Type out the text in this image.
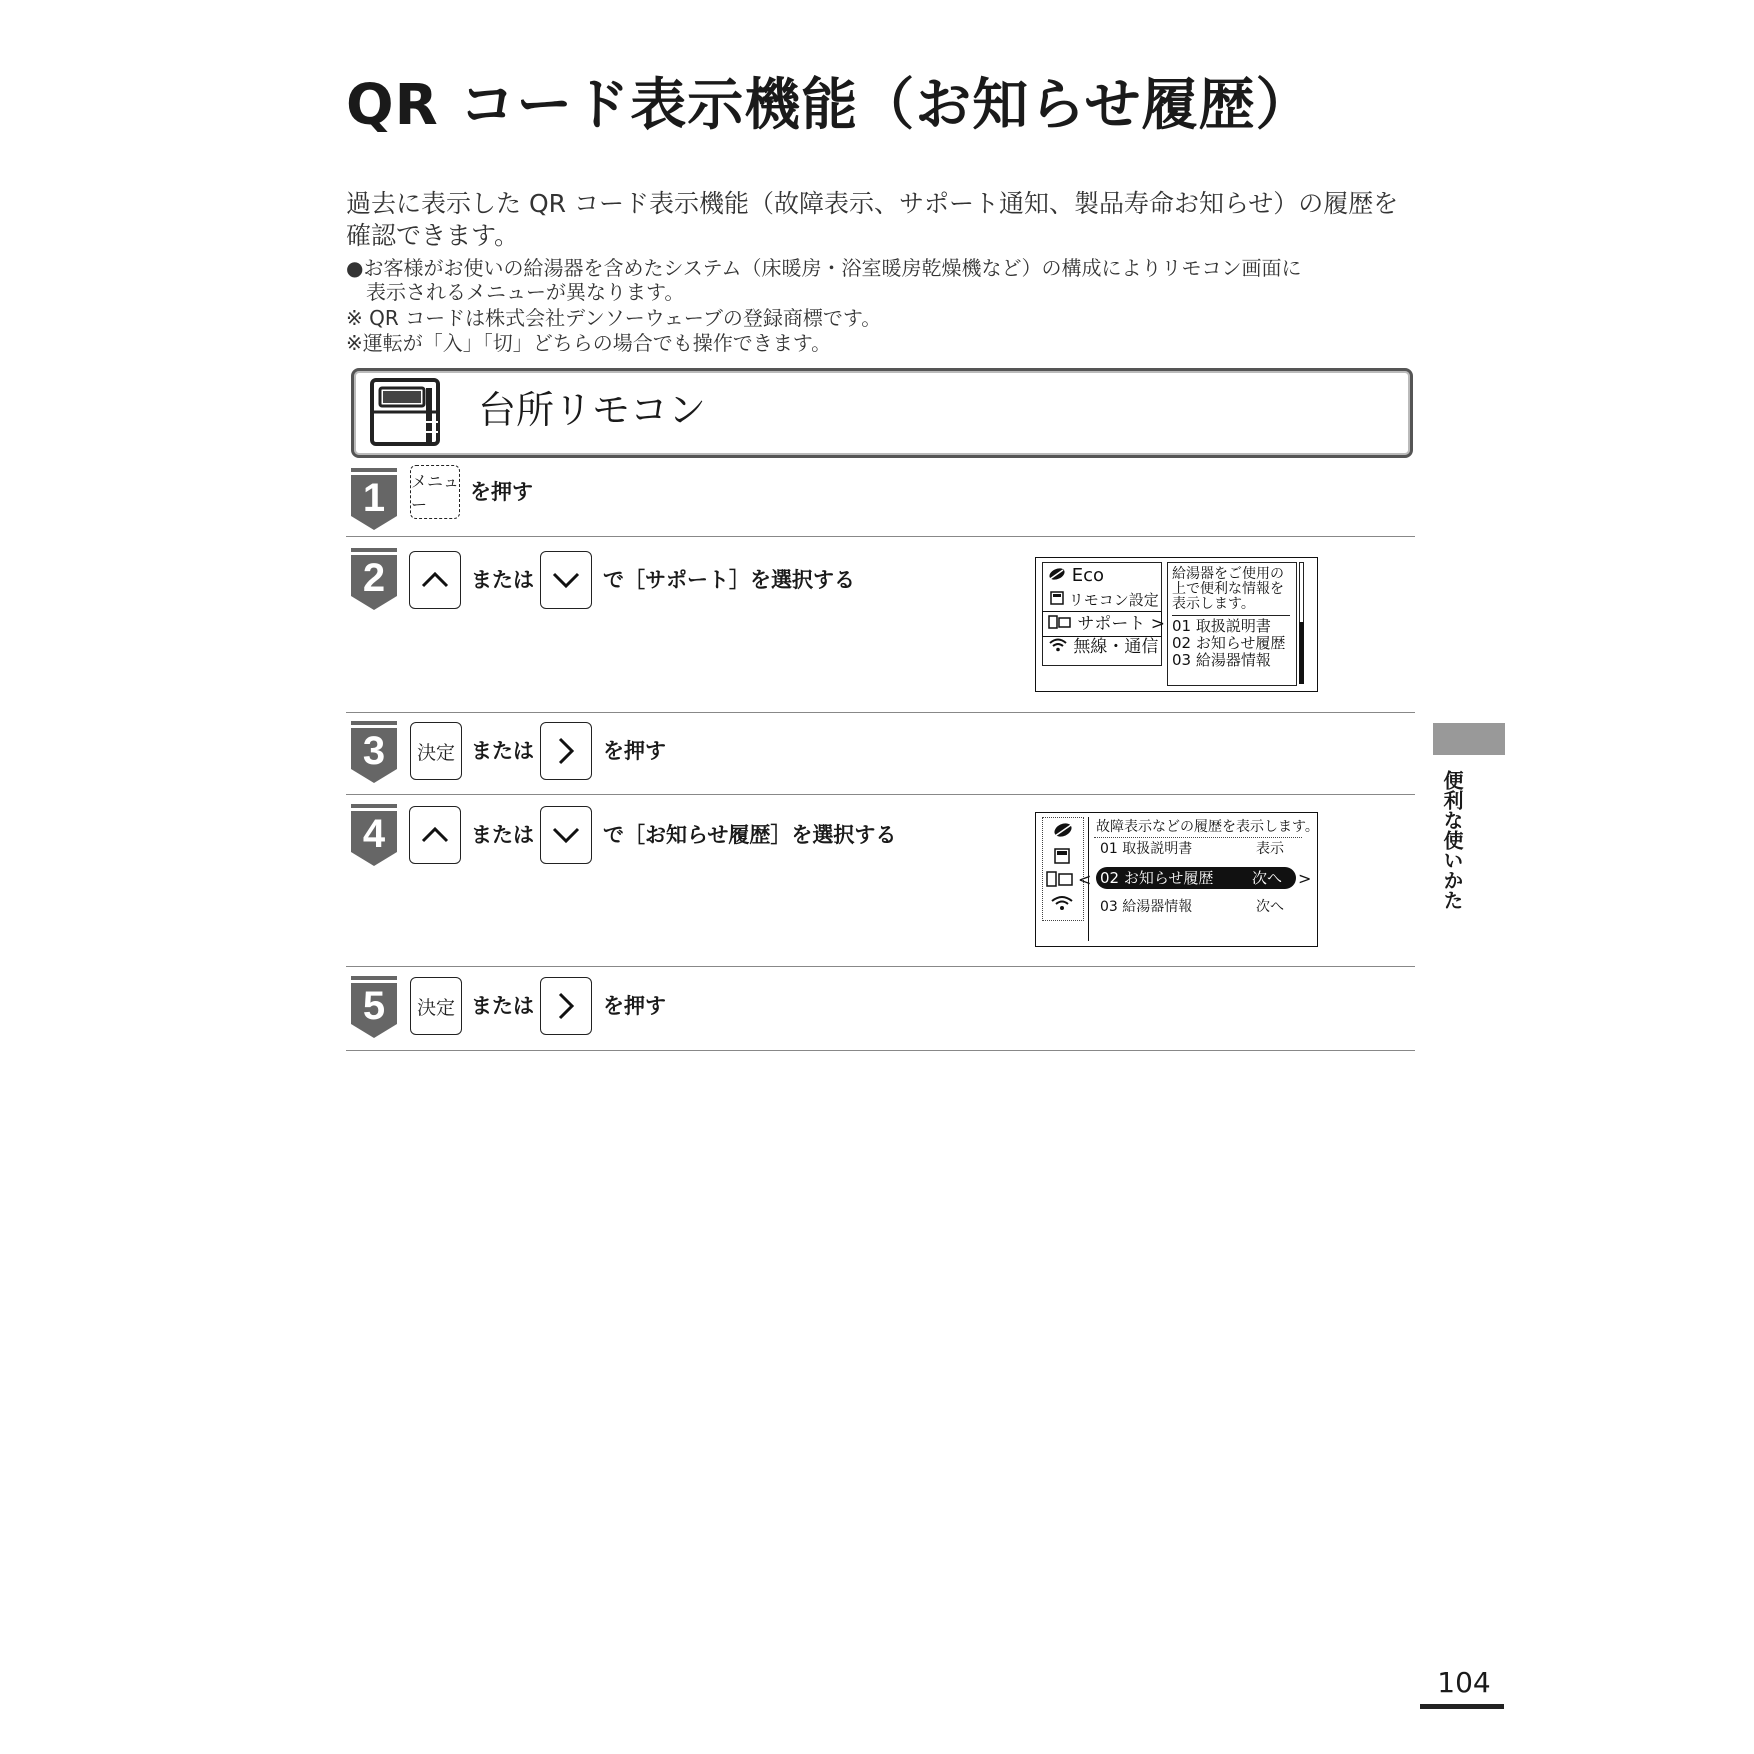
QR コード表示機能（お知らせ履歴）
過去に表示した QR コード表示機能（故障表示、サポート通知、製品寿命お知らせ）の履歴を確認できます。
●お客様がお使いの給湯器を含めたシステム（床暖房・浴室暖房乾燥機など）の構成によりリモコン画面に
　表示されるメニューが異なります。
※ QR コードは株式会社デンソーウェーブの登録商標です。
※運転が「入」「切」どちらの場合でも操作できます。
台所リモコン
1	メニュー
を押す
2	または	で［サポート］を選択する	Eco
リモコン設定
サポート >
無線・通信
給湯器をご使用の
上で便利な情報を
表示します。
01 取扱説明書
02 お知らせ履歴
03 給湯器情報
3	決定 または	を押す
4	または	で［お知らせ履歴］を選択する
<
故障表示などの履歴を表示します。
01 取扱説明書	表示
02 お知らせ履歴	次へ >
03 給湯器情報	次へ
5	決定 または	を押す
便利な使いかた
104
